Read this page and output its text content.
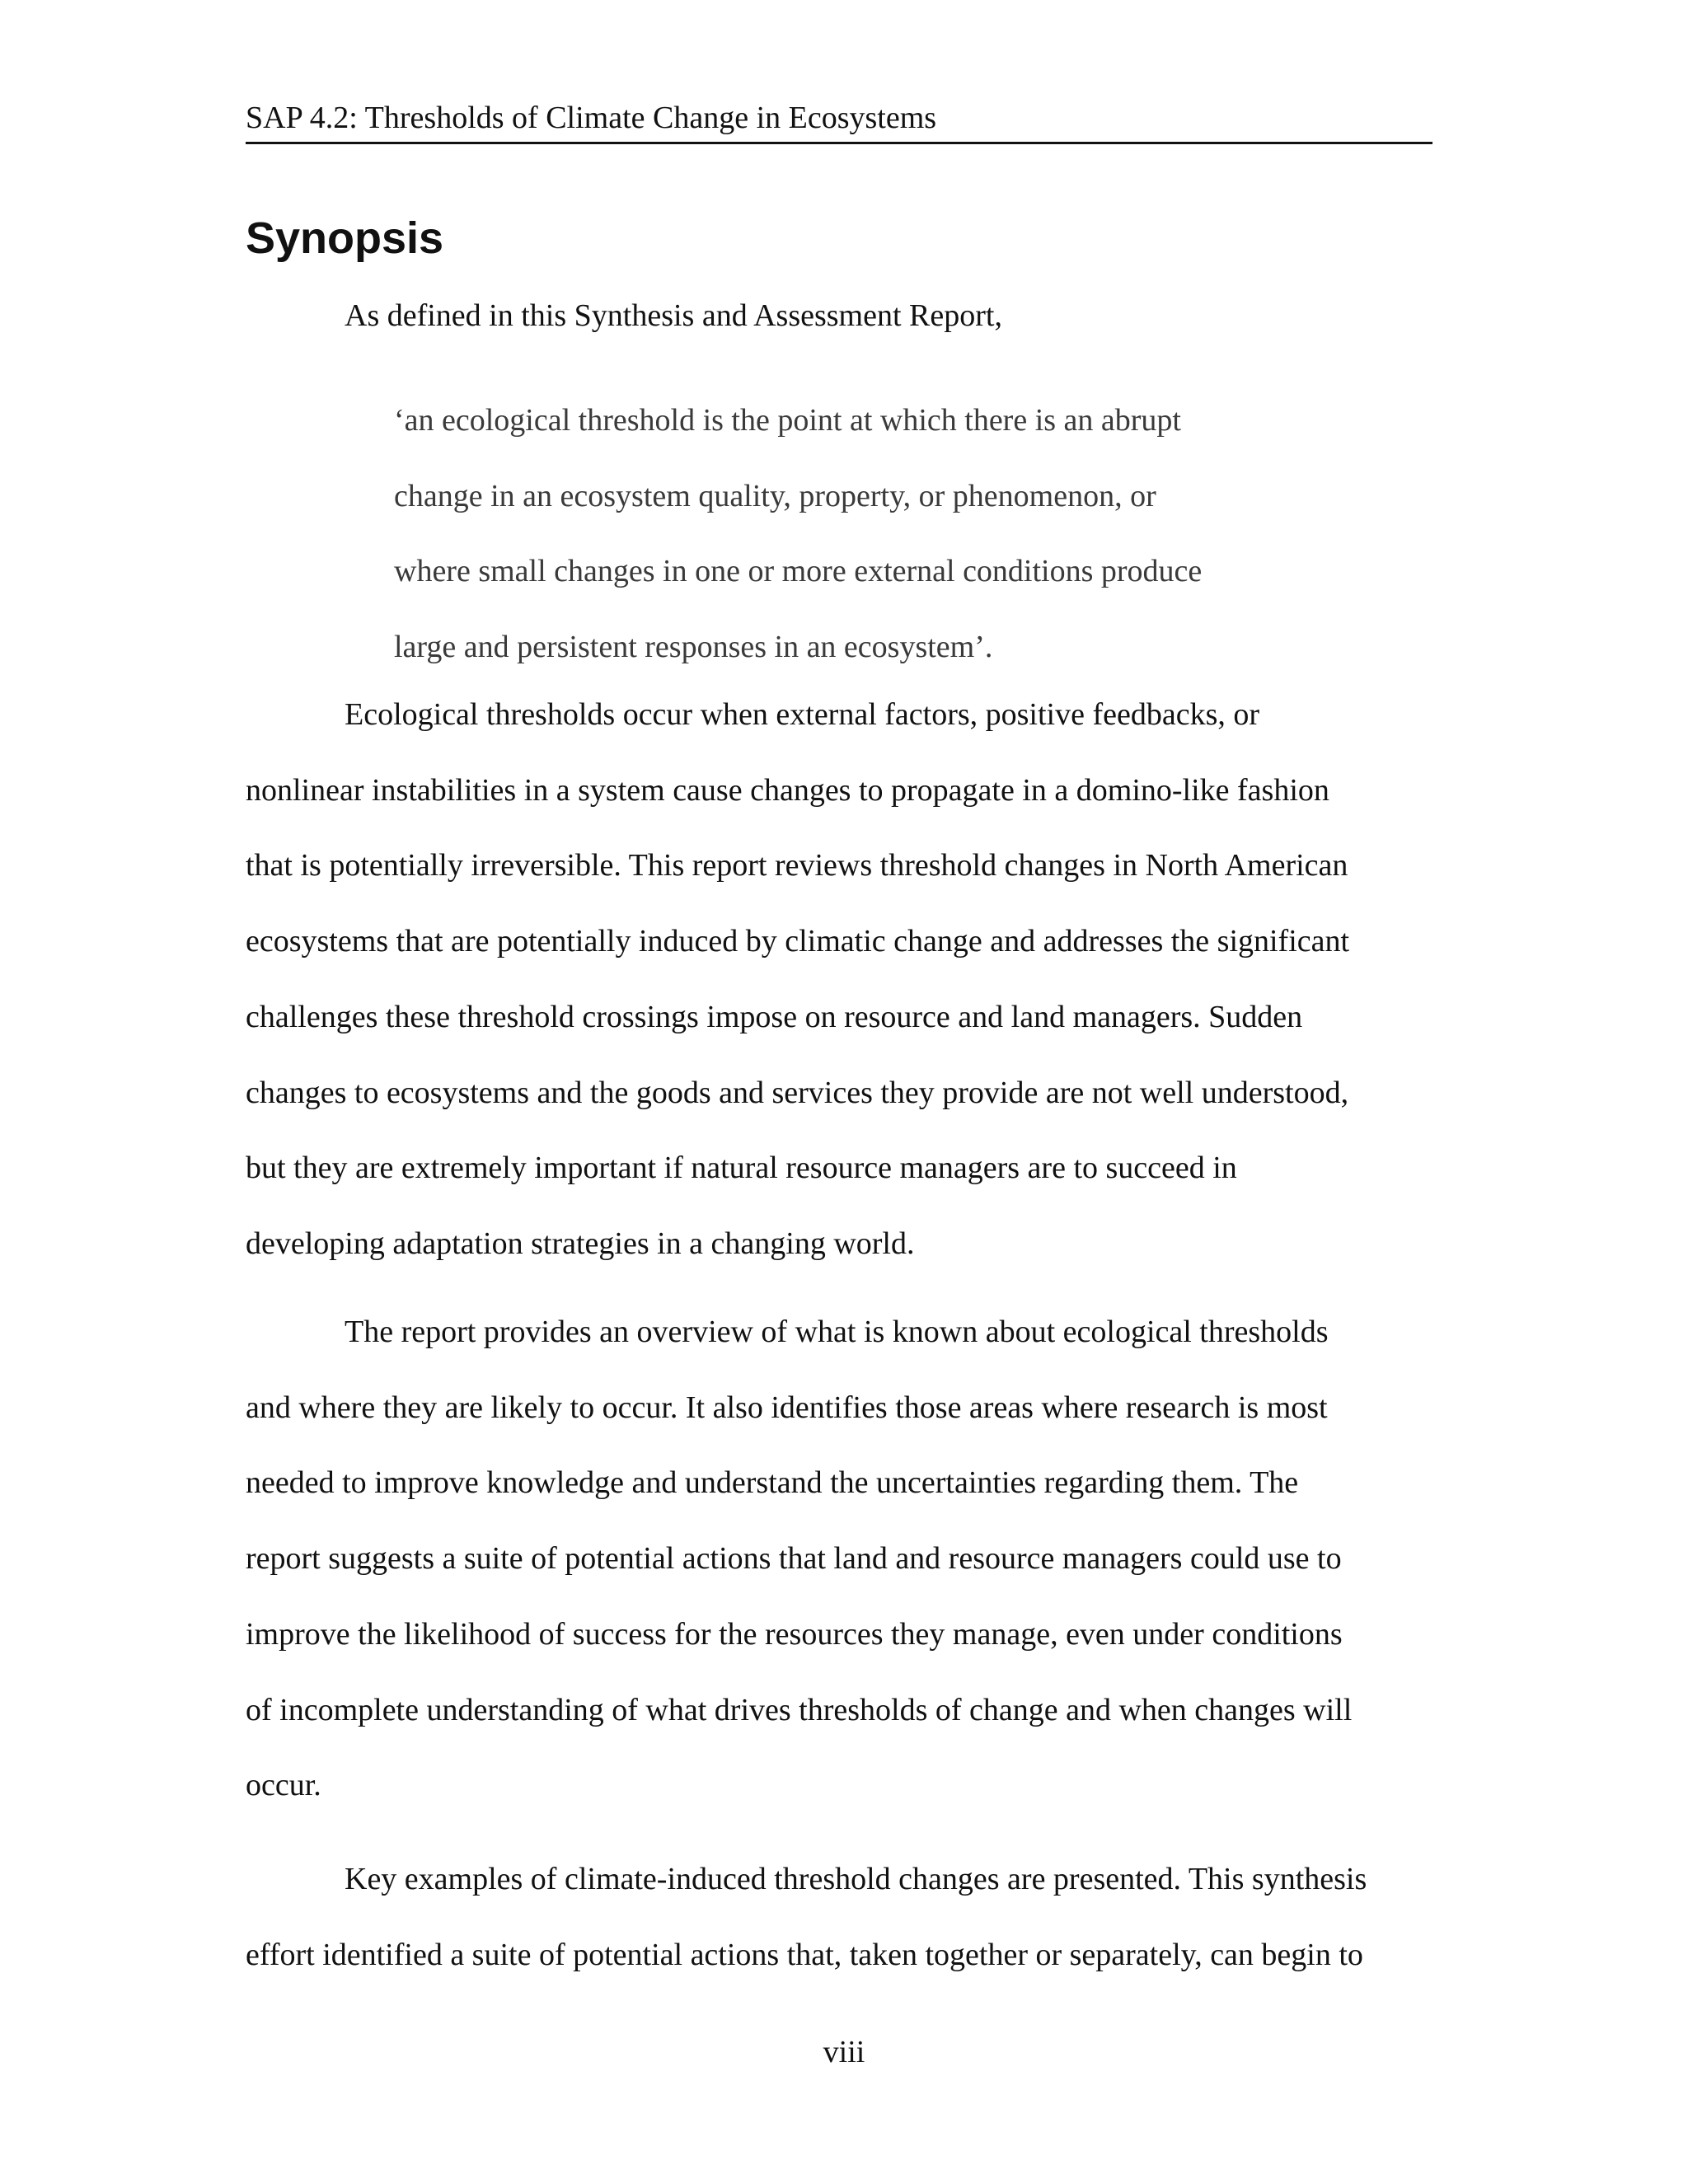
SAP 4.2: Thresholds of Climate Change in Ecosystems
Synopsis
As defined in this Synthesis and Assessment Report,
‘an ecological threshold is the point at which there is an abrupt
change in an ecosystem quality, property, or phenomenon, or
where small changes in one or more external conditions produce
large and persistent responses in an ecosystem’.
Ecological thresholds occur when external factors, positive feedbacks, or
nonlinear instabilities in a system cause changes to propagate in a domino-like fashion
that is potentially irreversible. This report reviews threshold changes in North American
ecosystems that are potentially induced by climatic change and addresses the significant
challenges these threshold crossings impose on resource and land managers. Sudden
changes to ecosystems and the goods and services they provide are not well understood,
but they are extremely important if natural resource managers are to succeed in
developing adaptation strategies in a changing world.
The report provides an overview of what is known about ecological thresholds
and where they are likely to occur. It also identifies those areas where research is most
needed to improve knowledge and understand the uncertainties regarding them. The
report suggests a suite of potential actions that land and resource managers could use to
improve the likelihood of success for the resources they manage, even under conditions
of incomplete understanding of what drives thresholds of change and when changes will
occur.
Key examples of climate-induced threshold changes are presented. This synthesis
effort identified a suite of potential actions that, taken together or separately, can begin to
viii
